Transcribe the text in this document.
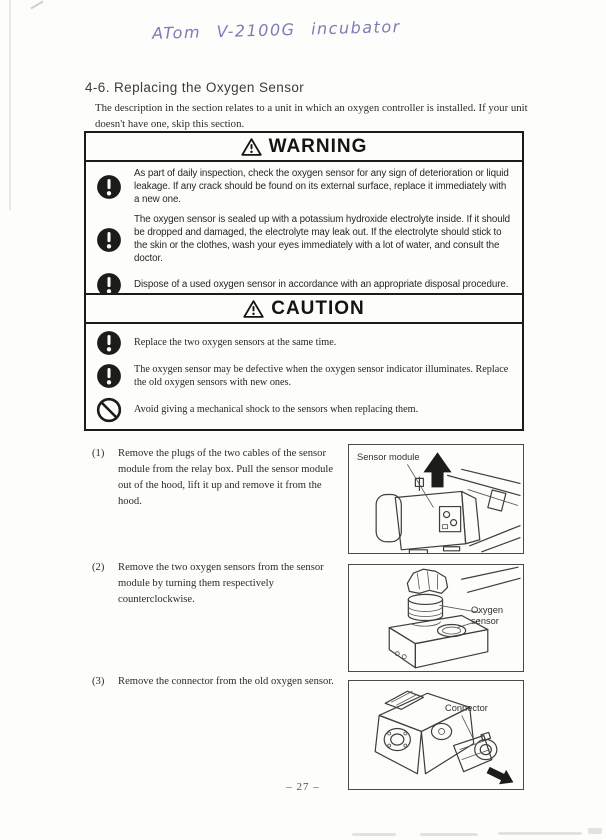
ATom V-2100G incubator
4-6. Replacing the Oxygen Sensor
The description in the section relates to a unit in which an oxygen controller is installed. If your unit doesn't have one, skip this section.
WARNING

As part of daily inspection, check the oxygen sensor for any sign of deterioration or liquid leakage. If any crack should be found on its external surface, replace it immediately with a new one.

The oxygen sensor is sealed up with a potassium hydroxide electrolyte inside. If it should be dropped and damaged, the electrolyte may leak out. If the electrolyte should stick to the skin or the clothes, wash your eyes immediately with a lot of water, and consult the doctor.

Dispose of a used oxygen sensor in accordance with an appropriate disposal procedure.

CAUTION

Replace the two oxygen sensors at the same time.

The oxygen sensor may be defective when the oxygen sensor indicator illuminates. Replace the old oxygen sensors with new ones.

Avoid giving a mechanical shock to the sensors when replacing them.

(1)	Remove the plugs of the two cables of the sensor module from the relay box. Pull the sensor module out of the hood, lift it up and remove it from the hood.

(2)	Remove the two oxygen sensors from the sensor module by turning them respectively counterclockwise.

(3)	Remove the connector from the old oxygen sensor.

Sensor module
Oxygen sensor
Connector
– 27 –
